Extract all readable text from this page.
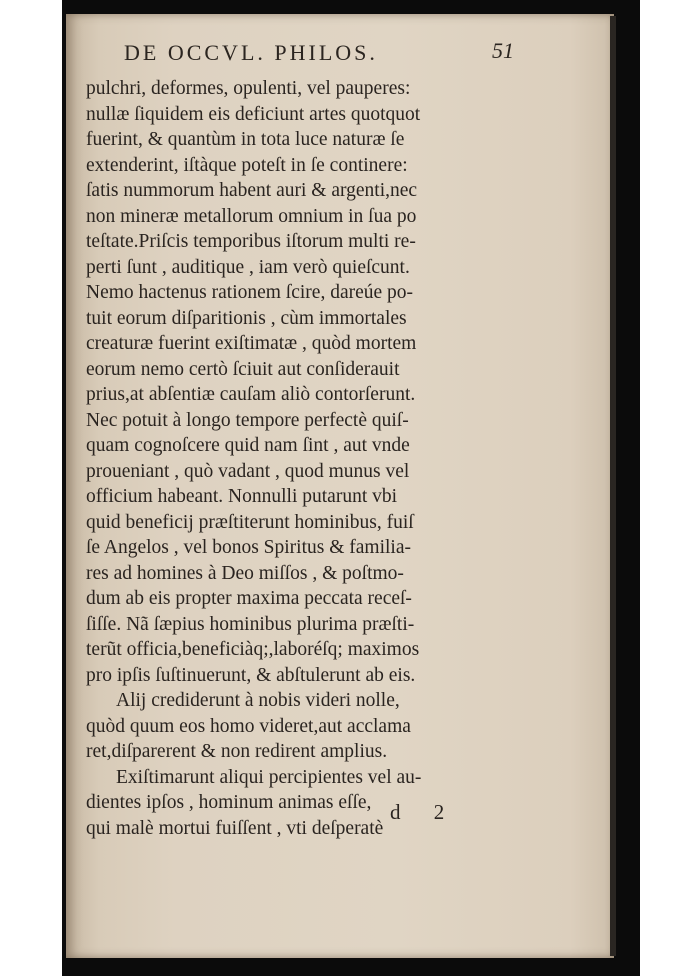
DE OCCVL. PHILOS.	51
pulchri, deformes, opulenti, vel pauperes:
nullæ ſiquidem eis deficiunt artes quotquot
fuerint, & quantùm in tota luce naturæ ſe
extenderint, iſtàque poteſt in ſe continere:
ſatis nummorum habent auri & argenti,nec
non mineræ metallorum omnium in ſua po
teſtate.Priſcis temporibus iſtorum multi re-
perti ſunt , auditique , iam verò quieſcunt.
Nemo hactenus rationem ſcire, dareúe po-
tuit eorum diſparitionis , cùm immortales
creaturæ fuerint exiſtimatæ , quòd mortem
eorum nemo certò ſciuit aut conſiderauit
prius,at abſentiæ cauſam aliò contorſerunt.
Nec potuit à longo tempore perfectè quiſ-
quam cognoſcere quid nam ſint , aut vnde
proueniant , quò vadant , quod munus vel
officium habeant. Nonnulli putarunt vbi
quid beneficij præſtiterunt hominibus, fuiſ
ſe Angelos , vel bonos Spiritus & familia-
res ad homines à Deo miſſos , & poſtmo-
dum ab eis propter maxima peccata receſ-
ſiſſe. Nã ſæpius hominibus plurima præſti-
terũt officia,beneficiàq;,laboréſq; maximos
pro ipſis ſuſtinuerunt, & abſtulerunt ab eis.
Alij crediderunt à nobis videri nolle,
quòd quum eos homo videret,aut acclama
ret,diſparerent & non redirent amplius.
Exiſtimarunt aliqui percipientes vel au-
dientes ipſos , hominum animas eſſe,
qui malè mortui fuiſſent , vti deſperatè
d 2
